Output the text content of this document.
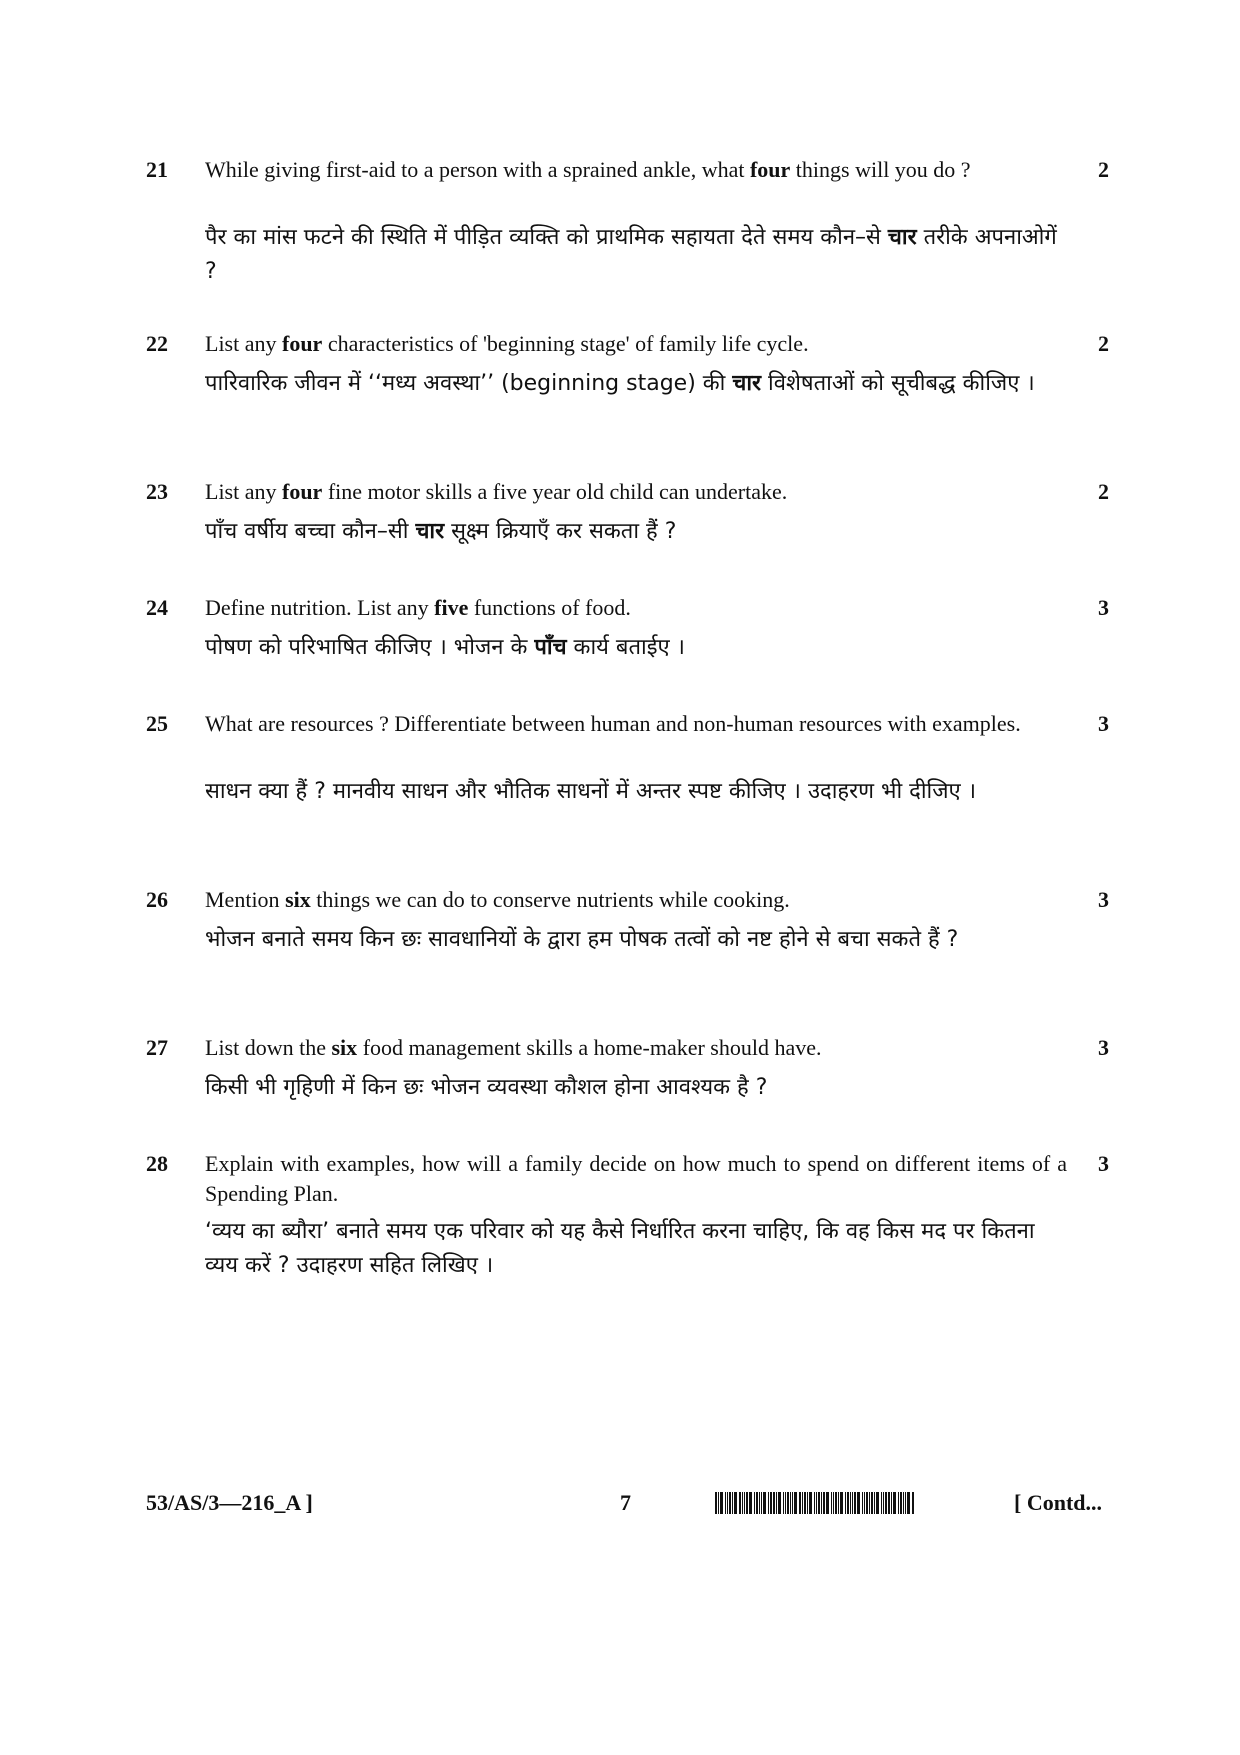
21 While giving first-aid to a person with a sprained ankle, what four things will you do ?
पैर का मांस फटने की स्थिति में पीड़ित व्यक्ति को प्राथमिक सहायता देते समय कौन–से चार तरीके अपनाओगें ?
2
22 List any four characteristics of 'beginning stage' of family life cycle.
पारिवारिक जीवन में ‘‘मध्य अवस्था’’ (beginning stage) की चार विशेषताओं को सूचीबद्ध कीजिए ।
2
23 List any four fine motor skills a five year old child can undertake.
पाँच वर्षीय बच्चा कौन–सी चार सूक्ष्म क्रियाएँ कर सकता हैं ?
2
24 Define nutrition. List any five functions of food.
पोषण को परिभाषित कीजिए । भोजन के पाँच कार्य बताईए ।
3
25 What are resources ? Differentiate between human and non-human resources with examples.
साधन क्या हैं ? मानवीय साधन और भौतिक साधनों में अन्तर स्पष्ट कीजिए । उदाहरण भी दीजिए ।
3
26 Mention six things we can do to conserve nutrients while cooking.
भोजन बनाते समय किन छः सावधानियों के द्वारा हम पोषक तत्वों को नष्ट होने से बचा सकते हैं ?
3
27 List down the six food management skills a home-maker should have.
किसी भी गृहिणी में किन छः भोजन व्यवस्था कौशल होना आवश्यक है ?
3
28 Explain with examples, how will a family decide on how much to spend on different items of a Spending Plan.
‘व्यय का ब्यौरा’ बनाते समय एक परिवार को यह कैसे निर्धारित करना चाहिए, कि वह किस मद पर कितना व्यय करें ? उदाहरण सहित लिखिए ।
3
53/AS/3—216_A ]	7	[ Contd...
